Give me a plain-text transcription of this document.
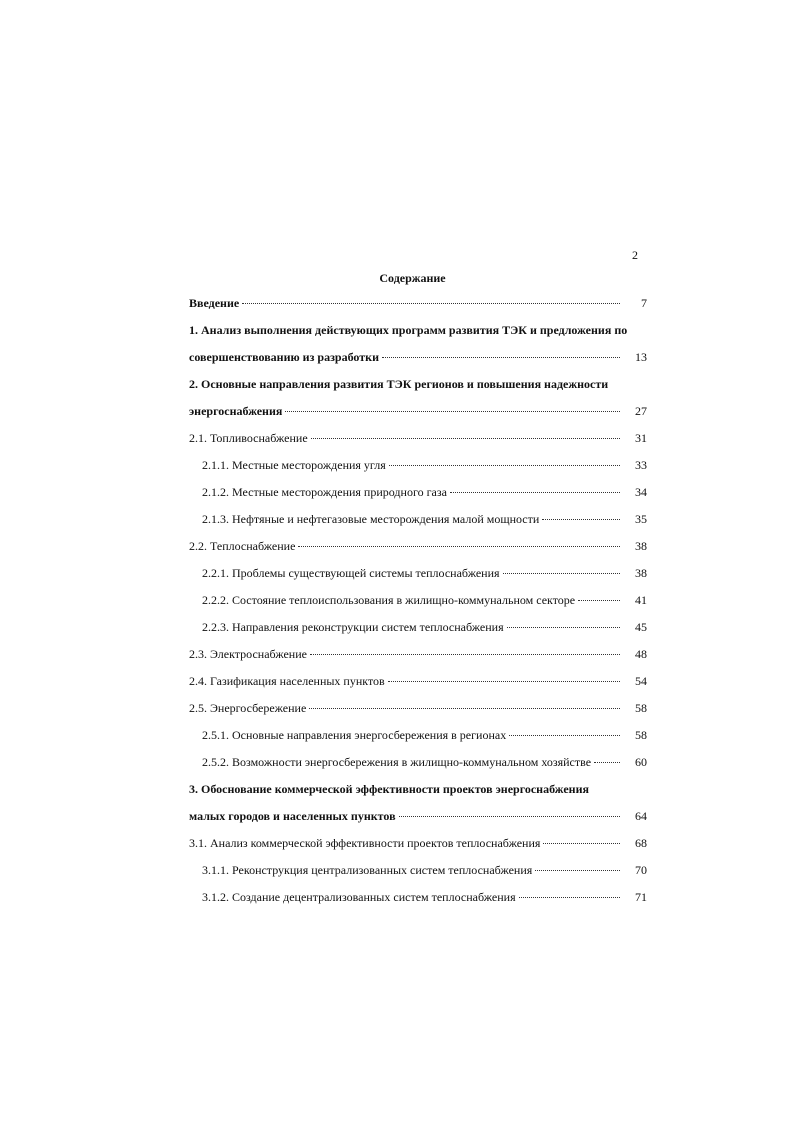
2
Содержание
Введение	7
1. Анализ выполнения действующих программ развития ТЭК и предложения по
совершенствованию из разработки	13
2. Основные направления развития ТЭК регионов и повышения надежности
энергоснабжения	27
2.1. Топливоснабжение	31
2.1.1. Местные месторождения угля	33
2.1.2. Местные месторождения природного газа	34
2.1.3. Нефтяные и нефтегазовые месторождения малой мощности	35
2.2. Теплоснабжение	38
2.2.1. Проблемы существующей системы теплоснабжения	38
2.2.2. Состояние теплоиспользования в жилищно-коммунальном секторе	41
2.2.3. Направления реконструкции систем теплоснабжения	45
2.3. Электроснабжение	48
2.4. Газификация населенных пунктов	54
2.5. Энергосбережение	58
2.5.1. Основные направления энергосбережения в регионах	58
2.5.2. Возможности энергосбережения в жилищно-коммунальном хозяйстве	60
3. Обоснование коммерческой эффективности проектов энергоснабжения
малых городов и населенных пунктов	64
3.1. Анализ коммерческой эффективности проектов теплоснабжения	68
3.1.1. Реконструкция централизованных систем теплоснабжения	70
3.1.2. Создание децентрализованных систем теплоснабжения	71
